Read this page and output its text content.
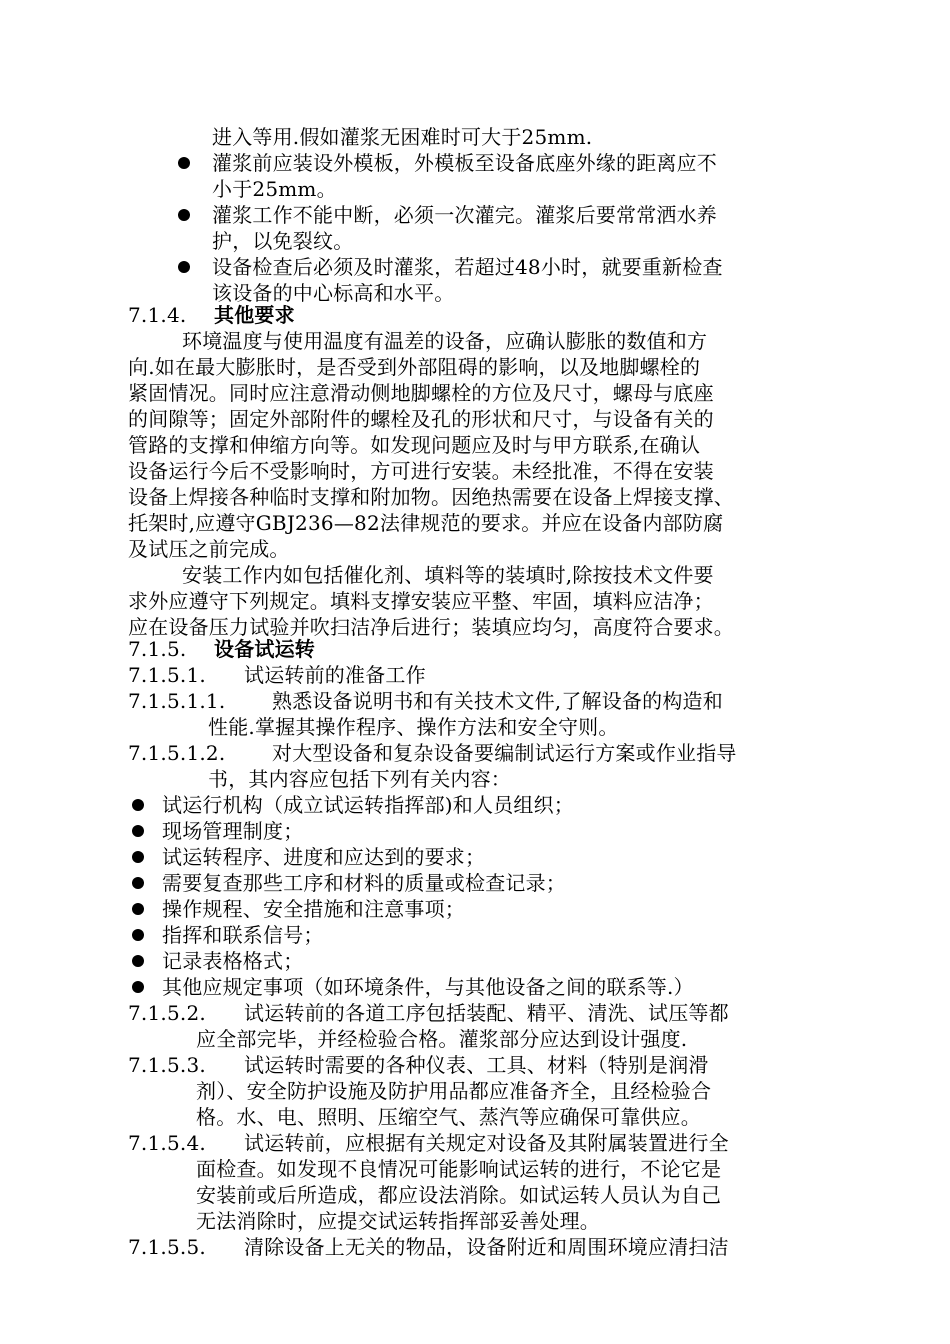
进入等用.假如灌浆无困难时可大于25mm.
灌浆前应装设外模板，外模板至设备底座外缘的距离应不
小于25mm。
灌浆工作不能中断，必须一次灌完。灌浆后要常常洒水养
护，以免裂纹。
设备检查后必须及时灌浆，若超过48小时，就要重新检查
该设备的中心标高和水平。
7.1.4. 其他要求
环境温度与使用温度有温差的设备，应确认膨胀的数值和方
向.如在最大膨胀时，是否受到外部阻碍的影响，以及地脚螺栓的
紧固情况。同时应注意滑动侧地脚螺栓的方位及尺寸，螺母与底座
的间隙等；固定外部附件的螺栓及孔的形状和尺寸，与设备有关的
管路的支撑和伸缩方向等。如发现问题应及时与甲方联系,在确认
设备运行今后不受影响时，方可进行安装。未经批准，不得在安装
设备上焊接各种临时支撑和附加物。因绝热需要在设备上焊接支撑、
托架时,应遵守GBJ236—82法律规范的要求。并应在设备内部防腐
及试压之前完成。
安装工作内如包括催化剂、填料等的装填时,除按技术文件要
求外应遵守下列规定。填料支撑安装应平整、牢固，填料应洁净；
应在设备压力试验并吹扫洁净后进行；装填应均匀，高度符合要求。
7.1.5. 设备试运转
7.1.5.1. 试运转前的准备工作
7.1.5.1.1. 熟悉设备说明书和有关技术文件,了解设备的构造和
性能.掌握其操作程序、操作方法和安全守则。
7.1.5.1.2. 对大型设备和复杂设备要编制试运行方案或作业指导
书，其内容应包括下列有关内容：
试运行机构（成立试运转指挥部)和人员组织；
现场管理制度；
试运转程序、进度和应达到的要求；
需要复查那些工序和材料的质量或检查记录；
操作规程、安全措施和注意事项；
指挥和联系信号；
记录表格格式；
其他应规定事项（如环境条件，与其他设备之间的联系等.）
7.1.5.2. 试运转前的各道工序包括装配、精平、清洗、试压等都
应全部完毕，并经检验合格。灌浆部分应达到设计强度.
7.1.5.3. 试运转时需要的各种仪表、工具、材料（特别是润滑
剂）、安全防护设施及防护用品都应准备齐全，且经检验合
格。水、电、照明、压缩空气、蒸汽等应确保可靠供应。
7.1.5.4. 试运转前，应根据有关规定对设备及其附属装置进行全
面检查。如发现不良情况可能影响试运转的进行，不论它是
安装前或后所造成，都应设法消除。如试运转人员认为自己
无法消除时，应提交试运转指挥部妥善处理。
7.1.5.5. 清除设备上无关的物品，设备附近和周围环境应清扫洁
